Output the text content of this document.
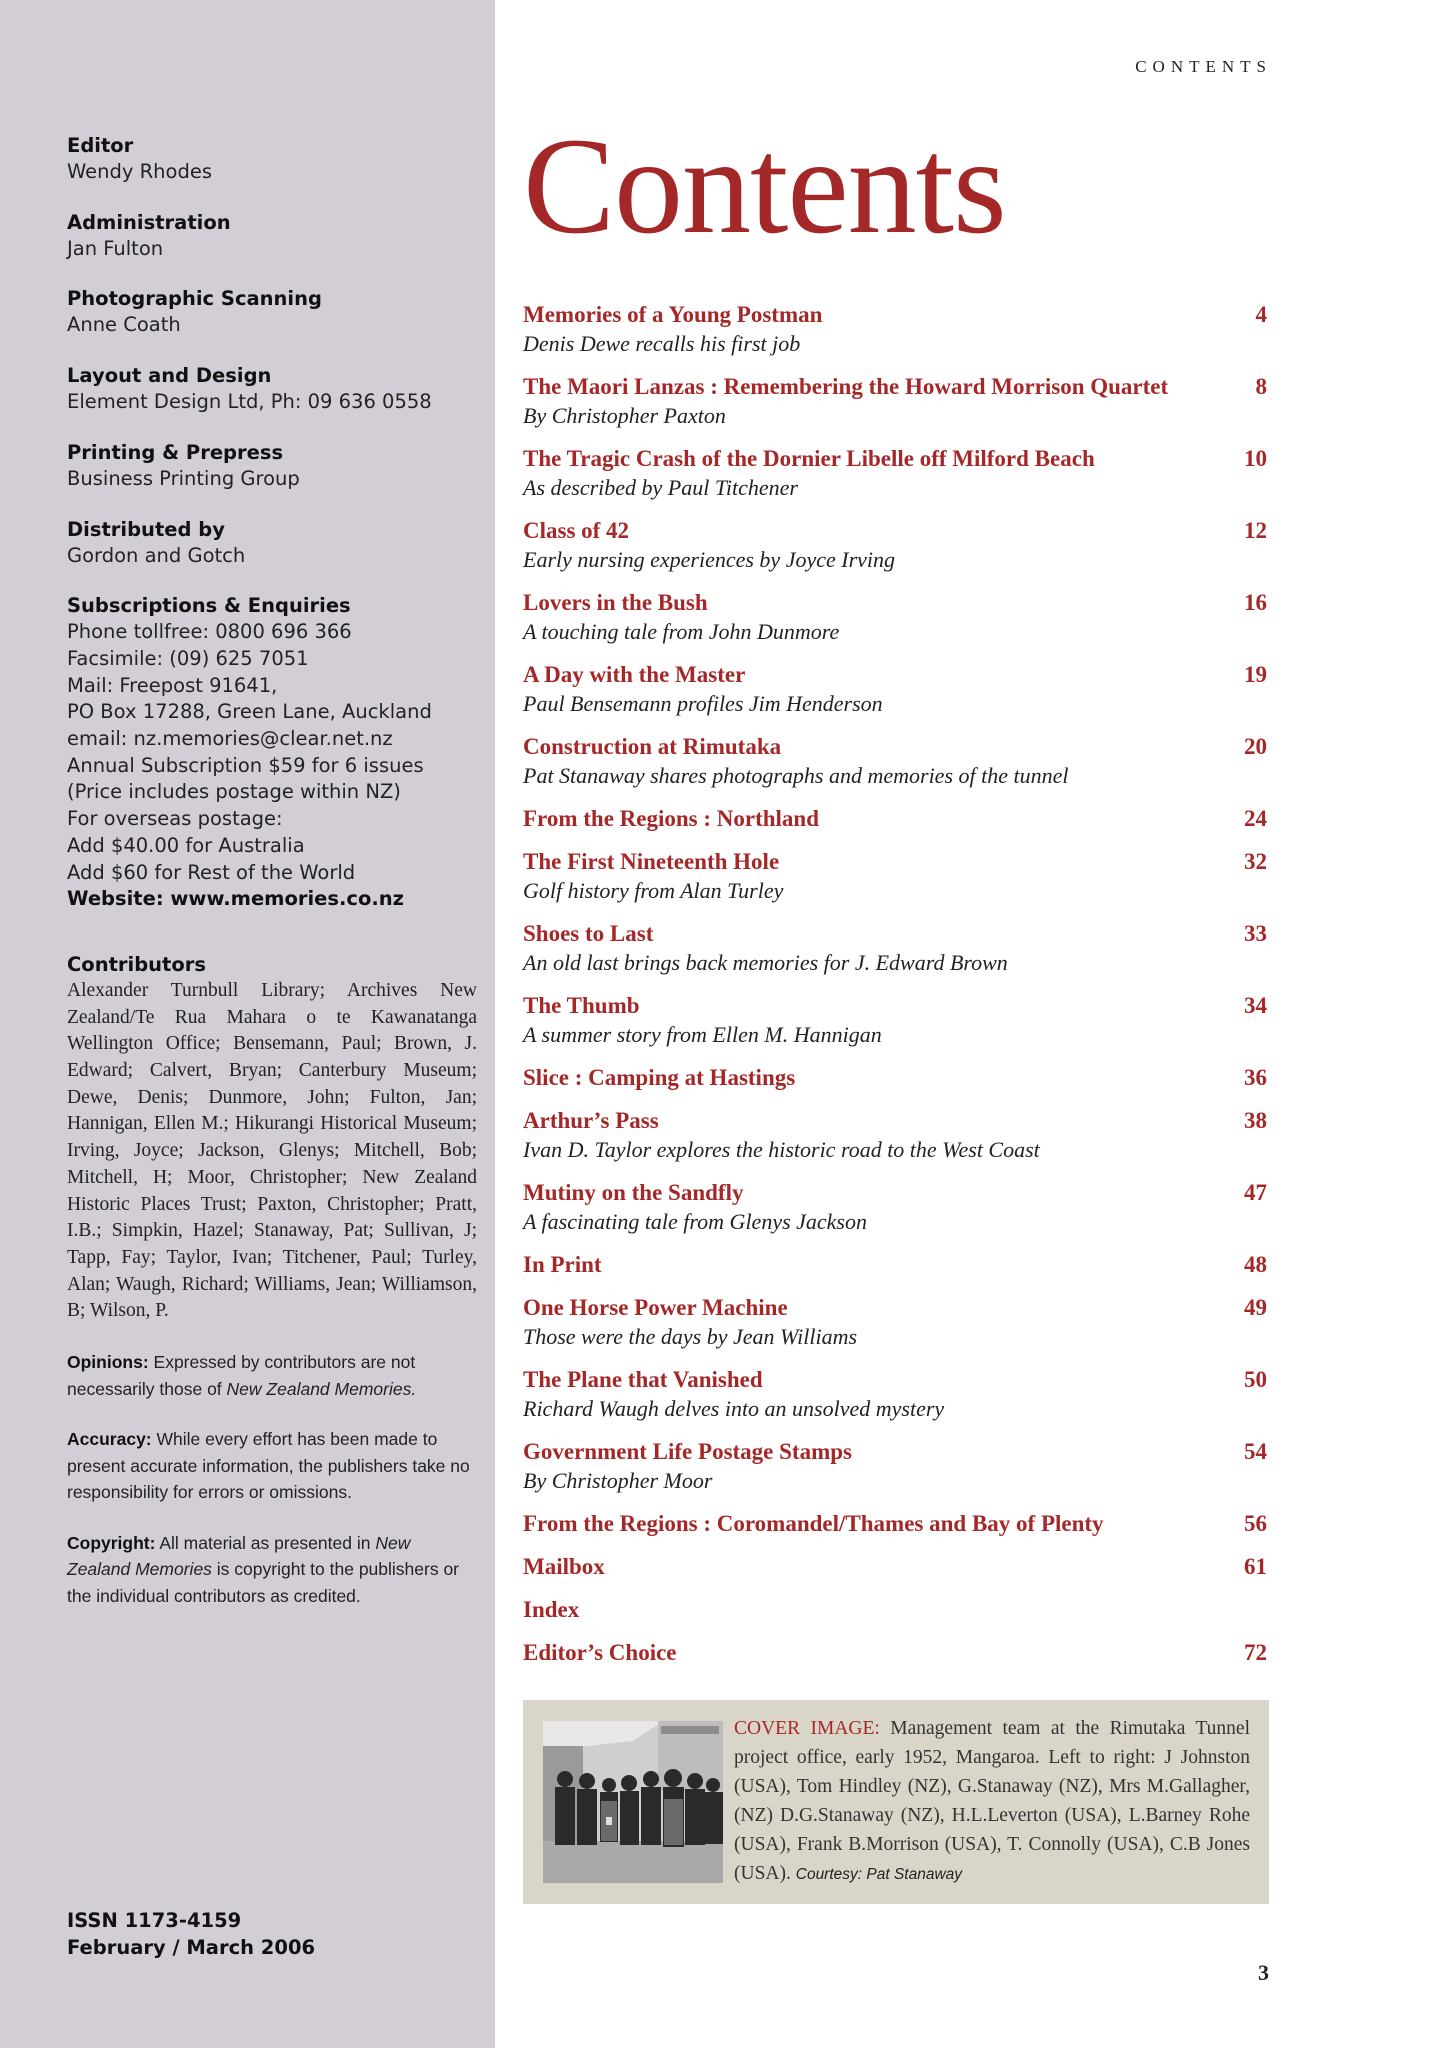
Editor
Wendy Rhodes
Administration
Jan Fulton
Photographic Scanning
Anne Coath
Layout and Design
Element Design Ltd, Ph: 09 636 0558
Printing & Prepress
Business Printing Group
Distributed by
Gordon and Gotch
Subscriptions & Enquiries
Phone tollfree: 0800 696 366
Facsimile: (09) 625 7051
Mail: Freepost 91641,
PO Box 17288, Green Lane, Auckland
email: nz.memories@clear.net.nz
Annual Subscription $59 for 6 issues
(Price includes postage within NZ)
For overseas postage:
Add $40.00 for Australia
Add $60 for Rest of the World
Website: www.memories.co.nz
Contributors
Alexander Turnbull Library; Archives New Zealand/Te Rua Mahara o te Kawanatanga Wellington Office; Bensemann, Paul; Brown, J. Edward; Calvert, Bryan; Canterbury Museum; Dewe, Denis; Dunmore, John; Fulton, Jan; Hannigan, Ellen M.; Hikurangi Historical Museum; Irving, Joyce; Jackson, Glenys; Mitchell, Bob; Mitchell, H; Moor, Christopher; New Zealand Historic Places Trust; Paxton, Christopher; Pratt, I.B.; Simpkin, Hazel; Stanaway, Pat; Sullivan, J; Tapp, Fay; Taylor, Ivan; Titchener, Paul; Turley, Alan; Waugh, Richard; Williams, Jean; Williamson, B; Wilson, P.
Opinions: Expressed by contributors are not necessarily those of New Zealand Memories.
Accuracy: While every effort has been made to present accurate information, the publishers take no responsibility for errors or omissions.
Copyright: All material as presented in New Zealand Memories is copyright to the publishers or the individual contributors as credited.
ISSN 1173-4159
February / March 2006
CONTENTS
Contents
Memories of a Young Postman	4
Denis Dewe recalls his first job
The Maori Lanzas : Remembering the Howard Morrison Quartet	8
By Christopher Paxton
The Tragic Crash of the Dornier Libelle off Milford Beach	10
As described by Paul Titchener
Class of 42	12
Early nursing experiences by Joyce Irving
Lovers in the Bush	16
A touching tale from John Dunmore
A Day with the Master	19
Paul Bensemann profiles Jim Henderson
Construction at Rimutaka	20
Pat Stanaway shares photographs and memories of the tunnel
From the Regions : Northland	24
The First Nineteenth Hole	32
Golf history from Alan Turley
Shoes to Last	33
An old last brings back memories for J. Edward Brown
The Thumb	34
A summer story from Ellen M. Hannigan
Slice : Camping at Hastings	36
Arthur’s Pass	38
Ivan D. Taylor explores the historic road to the West Coast
Mutiny on the Sandfly	47
A fascinating tale from Glenys Jackson
In Print	48
One Horse Power Machine	49
Those were the days by Jean Williams
The Plane that Vanished	50
Richard Waugh delves into an unsolved mystery
Government Life Postage Stamps	54
By Christopher Moor
From the Regions : Coromandel/Thames and Bay of Plenty	56
Mailbox	61
Index
Editor’s Choice	72
COVER IMAGE: Management team at the Rimutaka Tunnel project office, early 1952, Mangaroa. Left to right: J Johnston (USA), Tom Hindley (NZ), G.Stanaway (NZ), Mrs M.Gallagher, (NZ) D.G.Stanaway (NZ), H.L.Leverton (USA), L.Barney Rohe (USA), Frank B.Morrison (USA), T. Connolly (USA), C.B Jones (USA). Courtesy: Pat Stanaway
3
